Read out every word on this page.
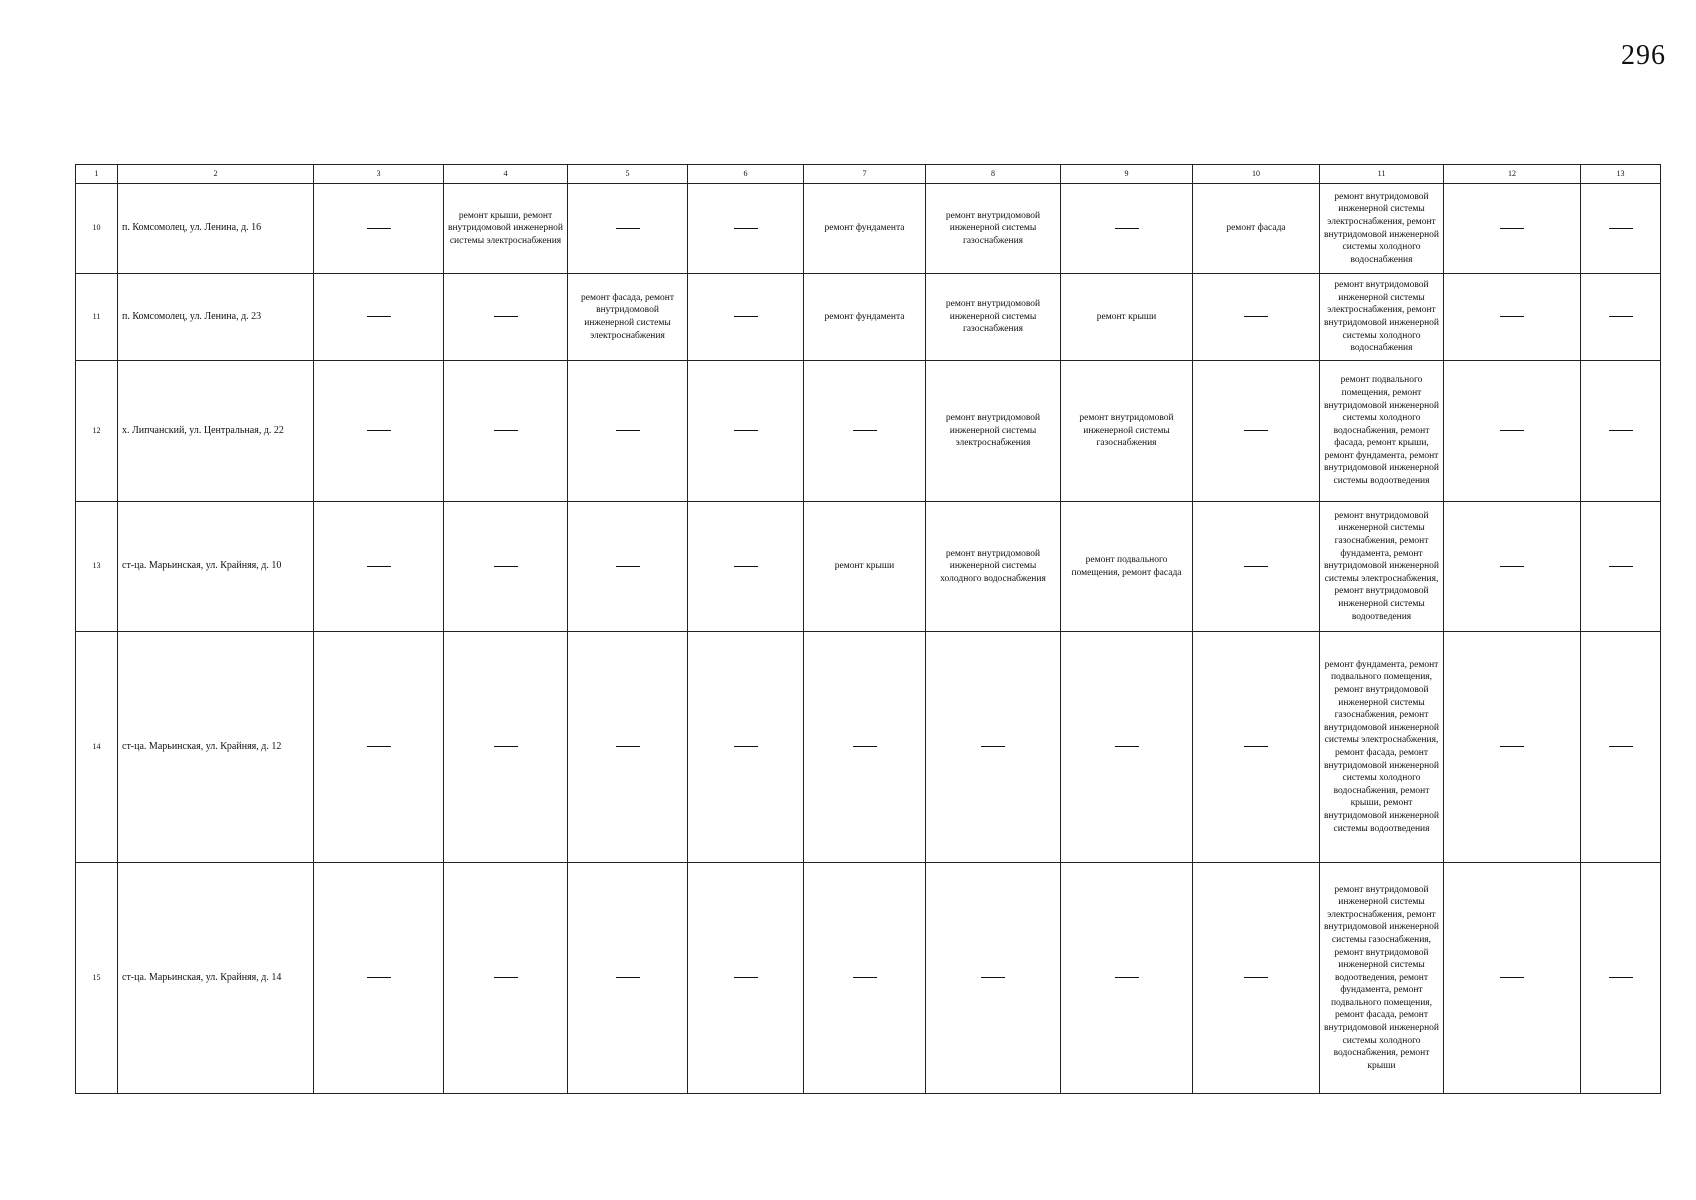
296
1	2	3	4	5	6	7	8	9	10	11	12	13
10	п. Комсомолец, ул. Ленина, д. 16		ремонт крыши, ремонт внутридомовой инженерной системы электроснабжения			ремонт фундамента	ремонт внутридомовой инженерной системы газоснабжения		ремонт фасада	ремонт внутридомовой инженерной системы электроснабжения, ремонт внутридомовой инженерной системы холодного водоснабжения		
11	п. Комсомолец, ул. Ленина, д. 23			ремонт фасада, ремонт внутридомовой инженерной системы электроснабжения		ремонт фундамента	ремонт внутридомовой инженерной системы газоснабжения	ремонт крыши		ремонт внутридомовой инженерной системы электроснабжения, ремонт внутридомовой инженерной системы холодного водоснабжения		
12	х. Липчанский, ул. Центральная, д. 22						ремонт внутридомовой инженерной системы электроснабжения	ремонт внутридомовой инженерной системы газоснабжения		ремонт подвального помещения, ремонт внутридомовой инженерной системы холодного водоснабжения, ремонт фасада, ремонт крыши, ремонт фундамента, ремонт внутридомовой инженерной системы водоотведения		
13	ст-ца. Марьинская, ул. Крайняя, д. 10					ремонт крыши	ремонт внутридомовой инженерной системы холодного водоснабжения	ремонт подвального помещения, ремонт фасада		ремонт внутридомовой инженерной системы газоснабжения, ремонт фундамента, ремонт внутридомовой инженерной системы электроснабжения, ремонт внутридомовой инженерной системы водоотведения		
14	ст-ца. Марьинская, ул. Крайняя, д. 12									ремонт фундамента, ремонт подвального помещения, ремонт внутридомовой инженерной системы газоснабжения, ремонт внутридомовой инженерной системы электроснабжения, ремонт фасада, ремонт внутридомовой инженерной системы холодного водоснабжения, ремонт крыши, ремонт внутридомовой инженерной системы водоотведения		
15	ст-ца. Марьинская, ул. Крайняя, д. 14									ремонт внутридомовой инженерной системы электроснабжения, ремонт внутридомовой инженерной системы газоснабжения, ремонт внутридомовой инженерной системы водоотведения, ремонт фундамента, ремонт подвального помещения, ремонт фасада, ремонт внутридомовой инженерной системы холодного водоснабжения, ремонт крыши		
